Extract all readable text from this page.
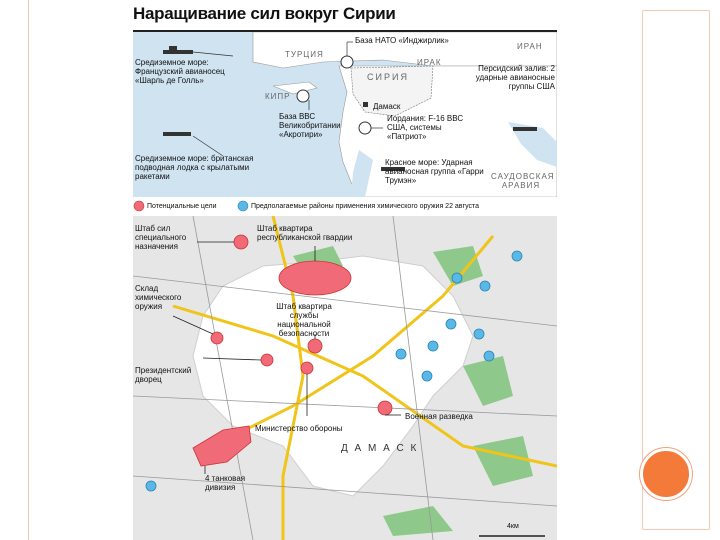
Наращивание сил вокруг Сирии
ТУРЦИЯ
ИРАК
ИРАН
СИРИЯ
КИПР
САУДОВСКАЯ АРАВИЯ
База НАТО «Инджирлик»
Средиземное море: Французский авианосец «Шарль де Голль»
Персидский залив: 2 ударные авианосные группы США
Дамаск
База ВВС Великобритании «Акротири»
Иордания: F-16 ВВС США, системы «Патриот»
Средиземное море: британская подводная лодка с крылатыми ракетами
Красное море: Ударная авианосная группа «Гарри Трумэн»
Потенциальные цели	Предполагаемые районы применения химического оружия 22 августа
Штаб сил специального назначения
Штаб квартира республиканской гвардии
Склад химического оружия	Штаб квартира службы национальной безопасности
Президентский дворец
Министерство обороны
Военная разведка
4 танковая дивизия
Д А М А С К
4км
